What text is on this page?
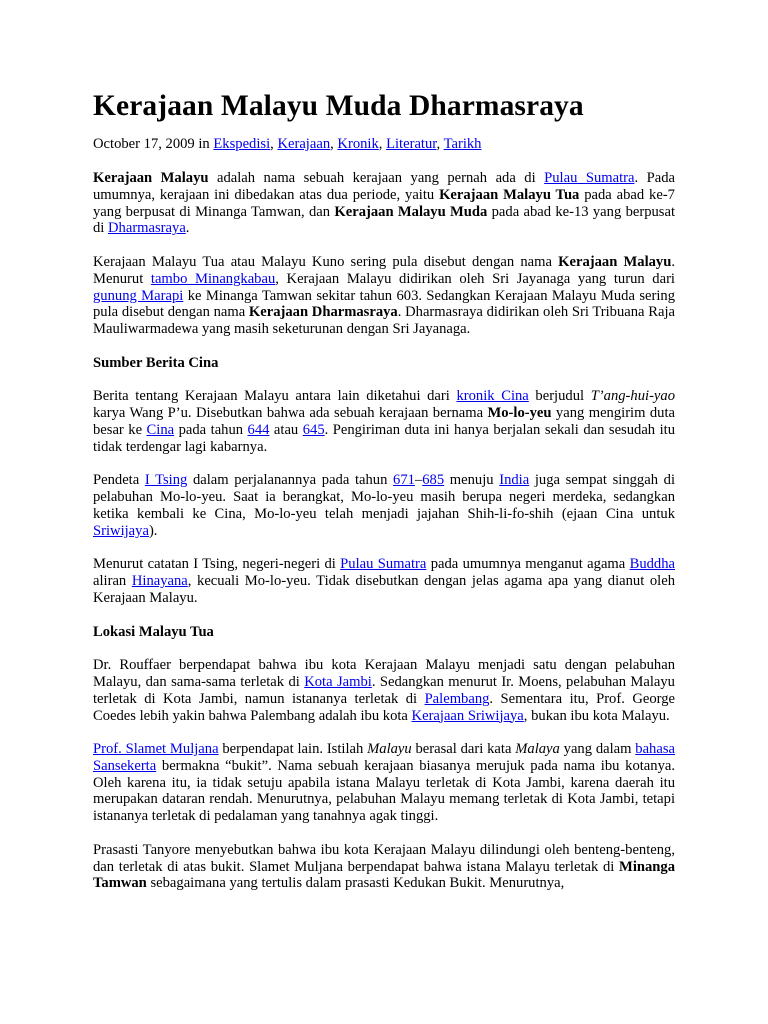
Kerajaan Malayu Muda Dharmasraya
October 17, 2009 in Ekspedisi, Kerajaan, Kronik, Literatur, Tarikh

Kerajaan Malayu adalah nama sebuah kerajaan yang pernah ada di Pulau Sumatra. Pada umumnya, kerajaan ini dibedakan atas dua periode, yaitu Kerajaan Malayu Tua pada abad ke-7 yang berpusat di Minanga Tamwan, dan Kerajaan Malayu Muda pada abad ke-13 yang berpusat di Dharmasraya.

Kerajaan Malayu Tua atau Malayu Kuno sering pula disebut dengan nama Kerajaan Malayu. Menurut tambo Minangkabau, Kerajaan Malayu didirikan oleh Sri Jayanaga yang turun dari gunung Marapi ke Minanga Tamwan sekitar tahun 603. Sedangkan Kerajaan Malayu Muda sering pula disebut dengan nama Kerajaan Dharmasraya. Dharmasraya didirikan oleh Sri Tribuana Raja Mauliwarmadewa yang masih seketurunan dengan Sri Jayanaga.

Sumber Berita Cina

Berita tentang Kerajaan Malayu antara lain diketahui dari kronik Cina berjudul T’ang-hui-yao karya Wang P’u. Disebutkan bahwa ada sebuah kerajaan bernama Mo-lo-yeu yang mengirim duta besar ke Cina pada tahun 644 atau 645. Pengiriman duta ini hanya berjalan sekali dan sesudah itu tidak terdengar lagi kabarnya.

Pendeta I Tsing dalam perjalanannya pada tahun 671–685 menuju India juga sempat singgah di pelabuhan Mo-lo-yeu. Saat ia berangkat, Mo-lo-yeu masih berupa negeri merdeka, sedangkan ketika kembali ke Cina, Mo-lo-yeu telah menjadi jajahan Shih-li-fo-shih (ejaan Cina untuk Sriwijaya).

Menurut catatan I Tsing, negeri-negeri di Pulau Sumatra pada umumnya menganut agama Buddha aliran Hinayana, kecuali Mo-lo-yeu. Tidak disebutkan dengan jelas agama apa yang dianut oleh Kerajaan Malayu.

Lokasi Malayu Tua

Dr. Rouffaer berpendapat bahwa ibu kota Kerajaan Malayu menjadi satu dengan pelabuhan Malayu, dan sama-sama terletak di Kota Jambi. Sedangkan menurut Ir. Moens, pelabuhan Malayu terletak di Kota Jambi, namun istananya terletak di Palembang. Sementara itu, Prof. George Coedes lebih yakin bahwa Palembang adalah ibu kota Kerajaan Sriwijaya, bukan ibu kota Malayu.

Prof. Slamet Muljana berpendapat lain. Istilah Malayu berasal dari kata Malaya yang dalam bahasa Sansekerta bermakna “bukit”. Nama sebuah kerajaan biasanya merujuk pada nama ibu kotanya. Oleh karena itu, ia tidak setuju apabila istana Malayu terletak di Kota Jambi, karena daerah itu merupakan dataran rendah. Menurutnya, pelabuhan Malayu memang terletak di Kota Jambi, tetapi istananya terletak di pedalaman yang tanahnya agak tinggi.

Prasasti Tanyore menyebutkan bahwa ibu kota Kerajaan Malayu dilindungi oleh benteng-benteng, dan terletak di atas bukit. Slamet Muljana berpendapat bahwa istana Malayu terletak di Minanga Tamwan sebagaimana yang tertulis dalam prasasti Kedukan Bukit. Menurutnya,
